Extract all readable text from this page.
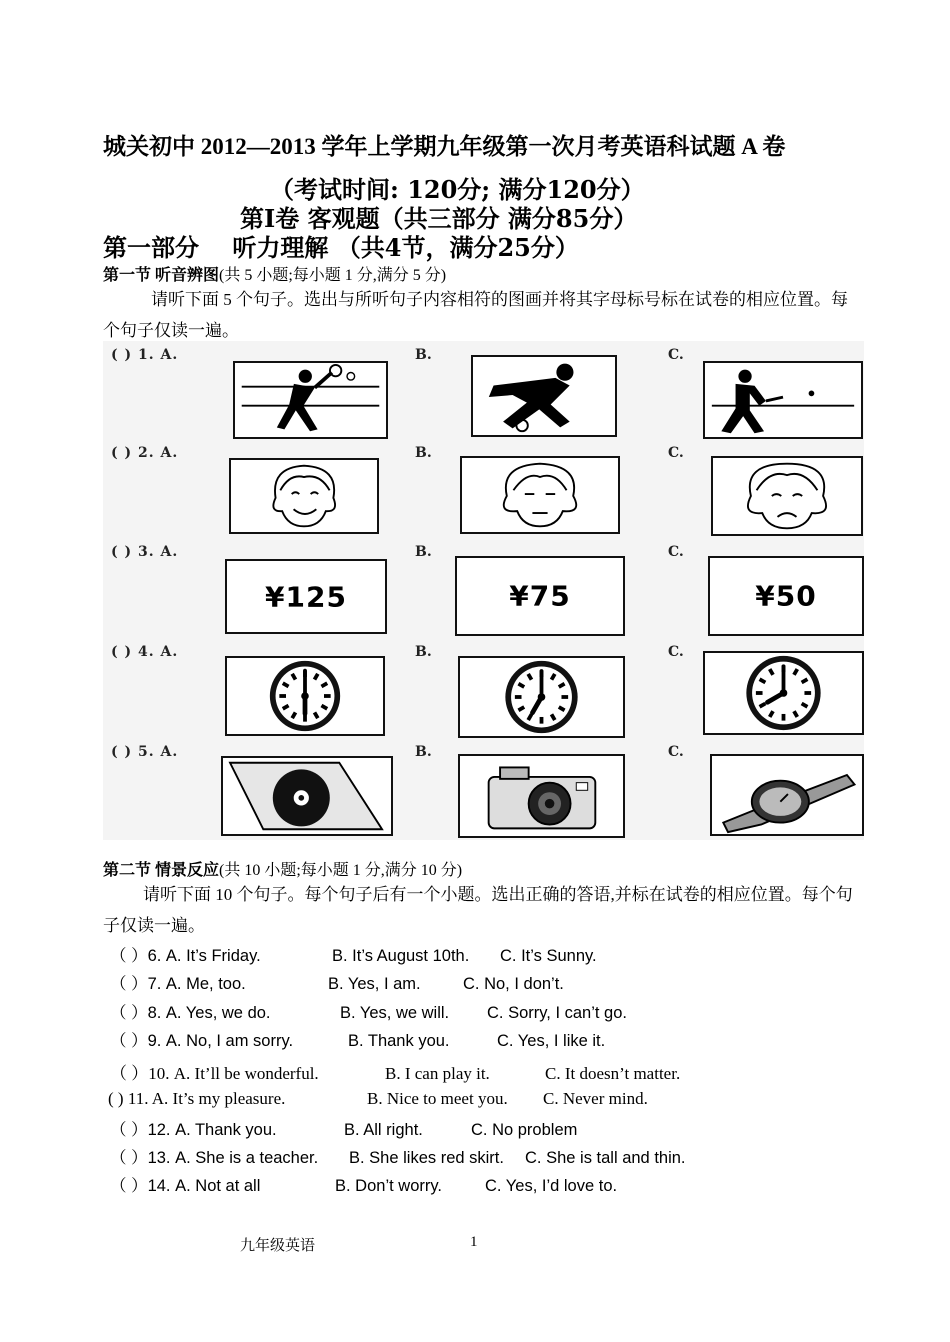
城关初中 2012—2013 学年上学期九年级第一次月考英语科试题 A 卷
（考试时间: 120分; 满分120分）
第Ⅰ卷 客观题（共三部分 满分85分）
第一部分    听力理解 （共4节，满分25分）
第一节 听音辨图(共 5 小题;每小题 1 分,满分 5 分)
请听下面 5 个句子。选出与所听句子内容相符的图画并将其字母标号标在试卷的相应位置。每个句子仅读一遍。
( ) 1. A.	B.	C.
( ) 2. A.	B.	C.
( ) 3. A.	B.	C.
¥125	¥75	¥50
( ) 4. A.	B.	C.
( ) 5. A.	B.	C.
第二节 情景反应(共 10 小题;每小题 1 分,满分 10 分)
请听下面 10 个句子。每个句子后有一个小题。选出正确的答语,并标在试卷的相应位置。每个句子仅读一遍。
（ ）6. A. It’s Friday.	B. It’s August 10th. C. It’s Sunny.
（ ）7. A. Me, too.	B. Yes, I am.	C. No, I don’t.
（ ）8. A. Yes, we do.	B. Yes, we will. C. Sorry, I can’t go.
（ ）9. A. No, I am sorry.	B. Thank you.	C. Yes, I like it.
（ ）10. A. It’ll be wonderful.	B. I can play it.	C. It doesn’t matter.
( ) 11. A. It’s my pleasure.	B. Nice to meet you. C. Never mind.
（ ）12. A. Thank you.	B. All right.	C. No problem
（ ）13. A. She is a teacher. B. She likes red skirt. C. She is tall and thin.
（ ）14. A. Not at all	B. Don’t worry.	C. Yes, I’d love to.
九年级英语	1
